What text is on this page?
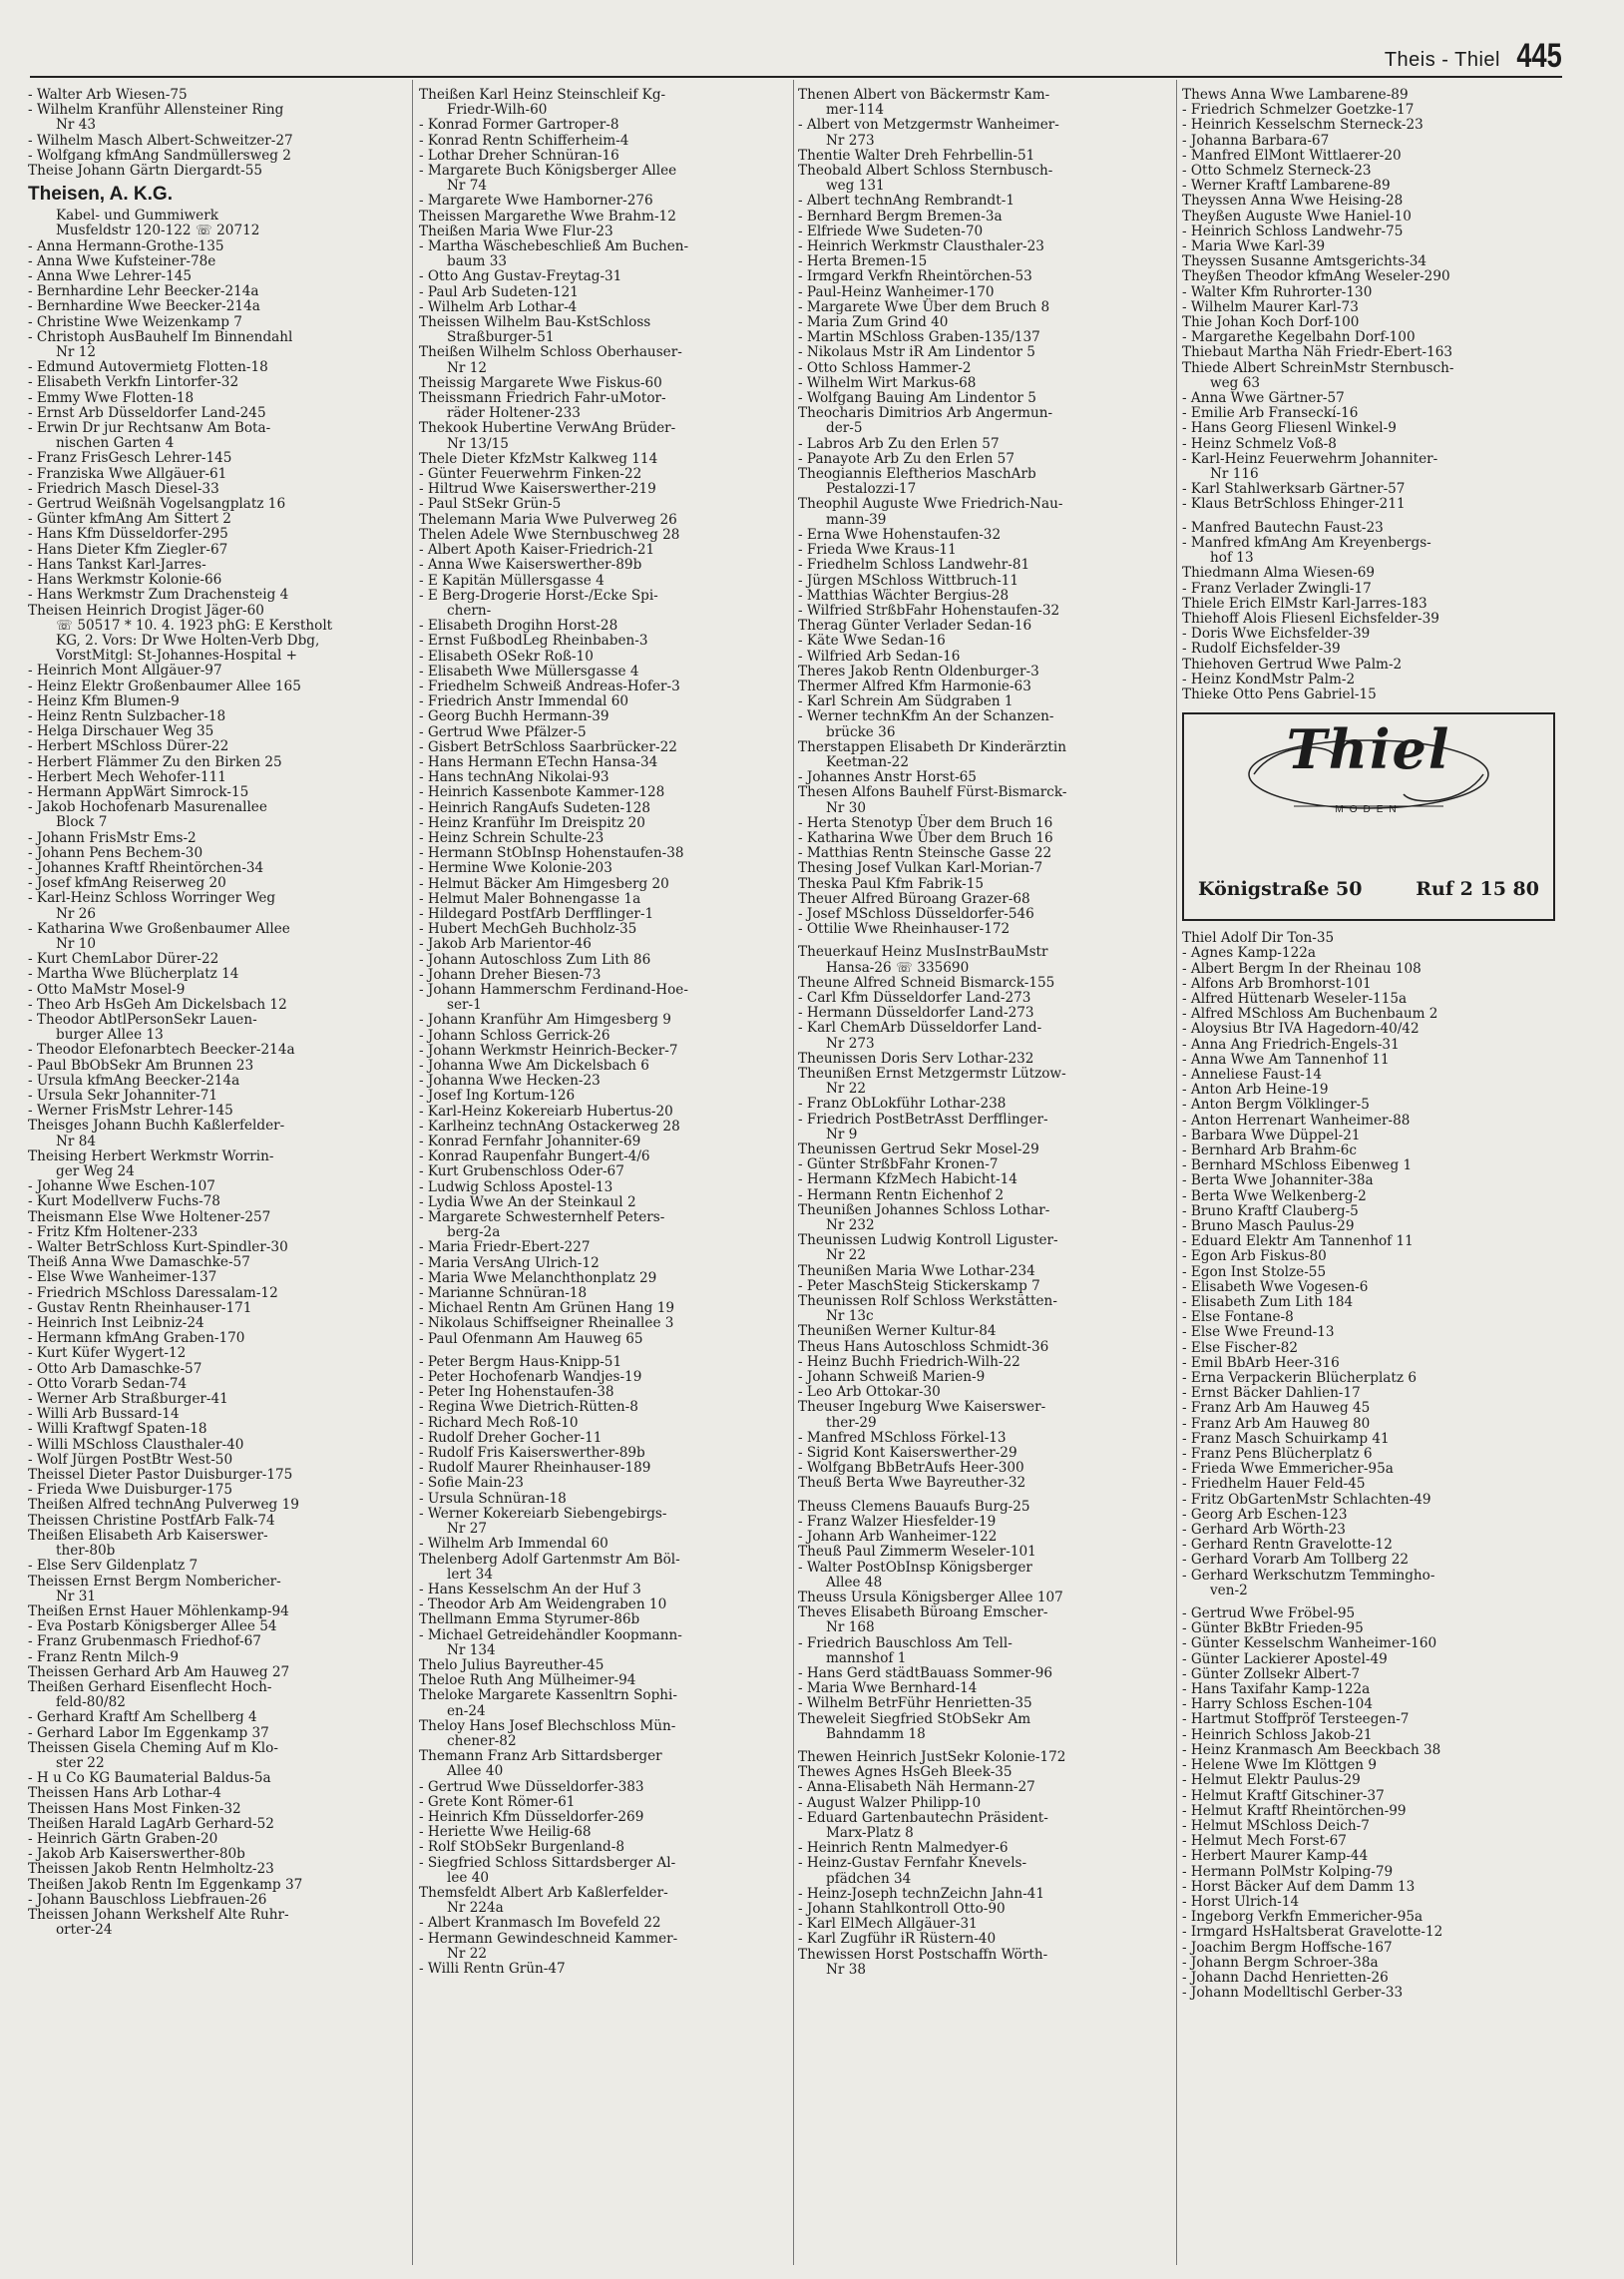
Theis - Thiel 445
- Walter Arb Wiesen-75
- Wilhelm Kranführ Allensteiner Ring
Nr 43
- Wilhelm Masch Albert-Schweitzer-27
- Wolfgang kfmAng Sandmüllersweg 2
Theise Johann Gärtn Diergardt-55
Theisen, A. K.G.
Kabel- und Gummiwerk
Musfeldstr 120-122 ☏ 20712
- Anna Hermann-Grothe-135
- Anna Wwe Kufsteiner-78e
- Anna Wwe Lehrer-145
- Bernhardine Lehr Beecker-214a
- Bernhardine Wwe Beecker-214a
- Christine Wwe Weizenkamp 7
- Christoph AusBauhelf Im Binnendahl
Nr 12
- Edmund Autovermietg Flotten-18
- Elisabeth Verkfn Lintorfer-32
- Emmy Wwe Flotten-18
- Ernst Arb Düsseldorfer Land-245
- Erwin Dr jur Rechtsanw Am Bota-
nischen Garten 4
- Franz FrisGesch Lehrer-145
- Franziska Wwe Allgäuer-61
- Friedrich Masch Diesel-33
- Gertrud Weißnäh Vogelsangplatz 16
- Günter kfmAng Am Sittert 2
- Hans Kfm Düsseldorfer-295
- Hans Dieter Kfm Ziegler-67
- Hans Tankst Karl-Jarres-
- Hans Werkmstr Kolonie-66
- Hans Werkmstr Zum Drachensteig 4
Theisen Heinrich Drogist Jäger-60
☏ 50517 * 10. 4. 1923 phG: E Kerstholt
KG, 2. Vors: Dr Wwe Holten-Verb Dbg,
VorstMitgl: St-Johannes-Hospital +
- Heinrich Mont Allgäuer-97
- Heinz Elektr Großenbaumer Allee 165
- Heinz Kfm Blumen-9
- Heinz Rentn Sulzbacher-18
- Helga Dirschauer Weg 35
- Herbert MSchloss Dürer-22
- Herbert Flämmer Zu den Birken 25
- Herbert Mech Wehofer-111
- Hermann AppWärt Simrock-15
- Jakob Hochofenarb Masurenallee
Block 7
- Johann FrisMstr Ems-2
- Johann Pens Bechem-30
- Johannes Kraftf Rheintörchen-34
- Josef kfmAng Reiserweg 20
- Karl-Heinz Schloss Worringer Weg
Nr 26
- Katharina Wwe Großenbaumer Allee
Nr 10
- Kurt ChemLabor Dürer-22
- Martha Wwe Blücherplatz 14
- Otto MaMstr Mosel-9
- Theo Arb HsGeh Am Dickelsbach 12
- Theodor AbtlPersonSekr Lauen-
burger Allee 13
- Theodor Elefonarbtech Beecker-214a
- Paul BbObSekr Am Brunnen 23
- Ursula kfmAng Beecker-214a
- Ursula Sekr Johanniter-71
- Werner FrisMstr Lehrer-145
Theisges Johann Buchh Kaßlerfelder-
Nr 84
Theising Herbert Werkmstr Worrin-
ger Weg 24
- Johanne Wwe Eschen-107
- Kurt Modellverw Fuchs-78
Theismann Else Wwe Holtener-257
- Fritz Kfm Holtener-233
- Walter BetrSchloss Kurt-Spindler-30
Theiß Anna Wwe Damaschke-57
- Else Wwe Wanheimer-137
- Friedrich MSchloss Daressalam-12
- Gustav Rentn Rheinhauser-171
- Heinrich Inst Leibniz-24
- Hermann kfmAng Graben-170
- Kurt Küfer Wygert-12
- Otto Arb Damaschke-57
- Otto Vorarb Sedan-74
- Werner Arb Straßburger-41
- Willi Arb Bussard-14
- Willi Kraftwgf Spaten-18
- Willi MSchloss Clausthaler-40
- Wolf Jürgen PostBtr West-50
Theissel Dieter Pastor Duisburger-175
- Frieda Wwe Duisburger-175
Theißen Alfred technAng Pulverweg 19
Theissen Christine PostfArb Falk-74
Theißen Elisabeth Arb Kaiserswer-
ther-80b
- Else Serv Gildenplatz 7
Theissen Ernst Bergm Nombericher-
Nr 31
Theißen Ernst Hauer Möhlenkamp-94
- Eva Postarb Königsberger Allee 54
- Franz Grubenmasch Friedhof-67
- Franz Rentn Milch-9
Theissen Gerhard Arb Am Hauweg 27
Theißen Gerhard Eisenflecht Hoch-
feld-80/82
- Gerhard Kraftf Am Schellberg 4
- Gerhard Labor Im Eggenkamp 37
Theissen Gisela Cheming Auf m Klo-
ster 22
- H u Co KG Baumaterial Baldus-5a
Theissen Hans Arb Lothar-4
Theissen Hans Most Finken-32
Theißen Harald LagArb Gerhard-52
- Heinrich Gärtn Graben-20
- Jakob Arb Kaiserswerther-80b
Theissen Jakob Rentn Helmholtz-23
Theißen Jakob Rentn Im Eggenkamp 37
- Johann Bauschloss Liebfrauen-26
Theissen Johann Werkshelf Alte Ruhr-
orter-24
Theißen Karl Heinz Steinschleif Kg-
Friedr-Wilh-60
- Konrad Former Gartroper-8
- Konrad Rentn Schifferheim-4
- Lothar Dreher Schnüran-16
- Margarete Buch Königsberger Allee
Nr 74
- Margarete Wwe Hamborner-276
Theissen Margarethe Wwe Brahm-12
Theißen Maria Wwe Flur-23
- Martha Wäschebeschließ Am Buchen-
baum 33
- Otto Ang Gustav-Freytag-31
- Paul Arb Sudeten-121
- Wilhelm Arb Lothar-4
Theissen Wilhelm Bau-KstSchloss
Straßburger-51
Theißen Wilhelm Schloss Oberhauser-
Nr 12
Theissig Margarete Wwe Fiskus-60
Theissmann Friedrich Fahr-uMotor-
räder Holtener-233
Thekook Hubertine VerwAng Brüder-
Nr 13/15
Thele Dieter KfzMstr Kalkweg 114
- Günter Feuerwehrm Finken-22
- Hiltrud Wwe Kaiserswerther-219
- Paul StSekr Grün-5
Thelemann Maria Wwe Pulverweg 26
Thelen Adele Wwe Sternbuschweg 28
- Albert Apoth Kaiser-Friedrich-21
- Anna Wwe Kaiserswerther-89b
- E Kapitän Müllersgasse 4
- E Berg-Drogerie Horst-/Ecke Spi-
chern-
- Elisabeth Drogihn Horst-28
- Ernst FußbodLeg Rheinbaben-3
- Elisabeth OSekr Roß-10
- Elisabeth Wwe Müllersgasse 4
- Friedhelm Schweiß Andreas-Hofer-3
- Friedrich Anstr Immendal 60
- Georg Buchh Hermann-39
- Gertrud Wwe Pfälzer-5
- Gisbert BetrSchloss Saarbrücker-22
- Hans Hermann ETechn Hansa-34
- Hans technAng Nikolai-93
- Heinrich Kassenbote Kammer-128
- Heinrich RangAufs Sudeten-128
- Heinz Kranführ Im Dreispitz 20
- Heinz Schrein Schulte-23
- Hermann StObInsp Hohenstaufen-38
- Hermine Wwe Kolonie-203
- Helmut Bäcker Am Himgesberg 20
- Helmut Maler Bohnengasse 1a
- Hildegard PostfArb Derfflinger-1
- Hubert MechGeh Buchholz-35
- Jakob Arb Marientor-46
- Johann Autoschloss Zum Lith 86
- Johann Dreher Biesen-73
- Johann Hammerschm Ferdinand-Hoe-
ser-1
- Johann Kranführ Am Himgesberg 9
- Johann Schloss Gerrick-26
- Johann Werkmstr Heinrich-Becker-7
- Johanna Wwe Am Dickelsbach 6
- Johanna Wwe Hecken-23
- Josef Ing Kortum-126
- Karl-Heinz Kokereiarb Hubertus-20
- Karlheinz technAng Ostackerweg 28
- Konrad Fernfahr Johanniter-69
- Konrad Raupenfahr Bungert-4/6
- Kurt Grubenschloss Oder-67
- Ludwig Schloss Apostel-13
- Lydia Wwe An der Steinkaul 2
- Margarete Schwesternhelf Peters-
berg-2a
- Maria Friedr-Ebert-227
- Maria VersAng Ulrich-12
- Maria Wwe Melanchthonplatz 29
- Marianne Schnüran-18
- Michael Rentn Am Grünen Hang 19
- Nikolaus Schiffseigner Rheinallee 3
- Paul Ofenmann Am Hauweg 65
- Peter Bergm Haus-Knipp-51
- Peter Hochofenarb Wandjes-19
- Peter Ing Hohenstaufen-38
- Regina Wwe Dietrich-Rütten-8
- Richard Mech Roß-10
- Rudolf Dreher Gocher-11
- Rudolf Fris Kaiserswerther-89b
- Rudolf Maurer Rheinhauser-189
- Sofie Main-23
- Ursula Schnüran-18
- Werner Kokereiarb Siebengebirgs-
Nr 27
- Wilhelm Arb Immendal 60
Thelenberg Adolf Gartenmstr Am Böl-
lert 34
- Hans Kesselschm An der Huf 3
- Theodor Arb Am Weidengraben 10
Thellmann Emma Styrumer-86b
- Michael Getreidehändler Koopmann-
Nr 134
Thelo Julius Bayreuther-45
Theloe Ruth Ang Mülheimer-94
Theloke Margarete Kassenltrn Sophi-
en-24
Theloy Hans Josef Blechschloss Mün-
chener-82
Themann Franz Arb Sittardsberger
Allee 40
- Gertrud Wwe Düsseldorfer-383
- Grete Kont Römer-61
- Heinrich Kfm Düsseldorfer-269
- Heriette Wwe Heilig-68
- Rolf StObSekr Burgenland-8
- Siegfried Schloss Sittardsberger Al-
lee 40
Themsfeldt Albert Arb Kaßlerfelder-
Nr 224a
- Albert Kranmasch Im Bovefeld 22
- Hermann Gewindeschneid Kammer-
Nr 22
- Willi Rentn Grün-47
Thenen Albert von Bäckermstr Kam-
mer-114
- Albert von Metzgermstr Wanheimer-
Nr 273
Thentie Walter Dreh Fehrbellin-51
Theobald Albert Schloss Sternbusch-
weg 131
- Albert technAng Rembrandt-1
- Bernhard Bergm Bremen-3a
- Elfriede Wwe Sudeten-70
- Heinrich Werkmstr Clausthaler-23
- Herta Bremen-15
- Irmgard Verkfn Rheintörchen-53
- Paul-Heinz Wanheimer-170
- Margarete Wwe Über dem Bruch 8
- Maria Zum Grind 40
- Martin MSchloss Graben-135/137
- Nikolaus Mstr iR Am Lindentor 5
- Otto Schloss Hammer-2
- Wilhelm Wirt Markus-68
- Wolfgang Bauing Am Lindentor 5
Theocharis Dimitrios Arb Angermun-
der-5
- Labros Arb Zu den Erlen 57
- Panayote Arb Zu den Erlen 57
Theogiannis Eleftherios MaschArb
Pestalozzi-17
Theophil Auguste Wwe Friedrich-Nau-
mann-39
- Erna Wwe Hohenstaufen-32
- Frieda Wwe Kraus-11
- Friedhelm Schloss Landwehr-81
- Jürgen MSchloss Wittbruch-11
- Matthias Wächter Bergius-28
- Wilfried StrßbFahr Hohenstaufen-32
Therag Günter Verlader Sedan-16
- Käte Wwe Sedan-16
- Wilfried Arb Sedan-16
Theres Jakob Rentn Oldenburger-3
Thermer Alfred Kfm Harmonie-63
- Karl Schrein Am Südgraben 1
- Werner technKfm An der Schanzen-
brücke 36
Therstappen Elisabeth Dr Kinderärztin
Keetman-22
- Johannes Anstr Horst-65
Thesen Alfons Bauhelf Fürst-Bismarck-
Nr 30
- Herta Stenotyp Über dem Bruch 16
- Katharina Wwe Über dem Bruch 16
- Matthias Rentn Steinsche Gasse 22
Thesing Josef Vulkan Karl-Morian-7
Theska Paul Kfm Fabrik-15
Theuer Alfred Büroang Grazer-68
- Josef MSchloss Düsseldorfer-546
- Ottilie Wwe Rheinhauser-172
Theuerkauf Heinz MusInstrBauMstr
Hansa-26 ☏ 335690
Theune Alfred Schneid Bismarck-155
- Carl Kfm Düsseldorfer Land-273
- Hermann Düsseldorfer Land-273
- Karl ChemArb Düsseldorfer Land-
Nr 273
Theunissen Doris Serv Lothar-232
Theunißen Ernst Metzgermstr Lützow-
Nr 22
- Franz ObLokführ Lothar-238
- Friedrich PostBetrAsst Derfflinger-
Nr 9
Theunissen Gertrud Sekr Mosel-29
- Günter StrßbFahr Kronen-7
- Hermann KfzMech Habicht-14
- Hermann Rentn Eichenhof 2
Theunißen Johannes Schloss Lothar-
Nr 232
Theunissen Ludwig Kontroll Liguster-
Nr 22
Theunißen Maria Wwe Lothar-234
- Peter MaschSteig Stickerskamp 7
Theunissen Rolf Schloss Werkstätten-
Nr 13c
Theunißen Werner Kultur-84
Theus Hans Autoschloss Schmidt-36
- Heinz Buchh Friedrich-Wilh-22
- Johann Schweiß Marien-9
- Leo Arb Ottokar-30
Theuser Ingeburg Wwe Kaiserswer-
ther-29
- Manfred MSchloss Förkel-13
- Sigrid Kont Kaiserswerther-29
- Wolfgang BbBetrAufs Heer-300
Theuß Berta Wwe Bayreuther-32
Theuss Clemens Bauaufs Burg-25
- Franz Walzer Hiesfelder-19
- Johann Arb Wanheimer-122
Theuß Paul Zimmerm Weseler-101
- Walter PostObInsp Königsberger
Allee 48
Theuss Ursula Königsberger Allee 107
Theves Elisabeth Büroang Emscher-
Nr 168
- Friedrich Bauschloss Am Tell-
mannshof 1
- Hans Gerd städtBauass Sommer-96
- Maria Wwe Bernhard-14
- Wilhelm BetrFühr Henrietten-35
Theweleit Siegfried StObSekr Am
Bahndamm 18
Thewen Heinrich JustSekr Kolonie-172
Thewes Agnes HsGeh Bleek-35
- Anna-Elisabeth Näh Hermann-27
- August Walzer Philipp-10
- Eduard Gartenbautechn Präsident-
Marx-Platz 8
- Heinrich Rentn Malmedyer-6
- Heinz-Gustav Fernfahr Knevels-
pfädchen 34
- Heinz-Joseph technZeichn Jahn-41
- Johann Stahlkontroll Otto-90
- Karl ElMech Allgäuer-31
- Karl Zugführ iR Rüstern-40
Thewissen Horst Postschaffn Wörth-
Nr 38
Thews Anna Wwe Lambarene-89
- Friedrich Schmelzer Goetzke-17
- Heinrich Kesselschm Sterneck-23
- Johanna Barbara-67
- Manfred ElMont Wittlaerer-20
- Otto Schmelz Sterneck-23
- Werner Kraftf Lambarene-89
Theyssen Anna Wwe Heising-28
Theyßen Auguste Wwe Haniel-10
- Heinrich Schloss Landwehr-75
- Maria Wwe Karl-39
Theyssen Susanne Amtsgerichts-34
Theyßen Theodor kfmAng Weseler-290
- Walter Kfm Ruhrorter-130
- Wilhelm Maurer Karl-73
Thie Johan Koch Dorf-100
- Margarethe Kegelbahn Dorf-100
Thiebaut Martha Näh Friedr-Ebert-163
Thiede Albert SchreinMstr Sternbusch-
weg 63
- Anna Wwe Gärtner-57
- Emilie Arb Franseckí-16
- Hans Georg Fliesenl Winkel-9
- Heinz Schmelz Voß-8
- Karl-Heinz Feuerwehrm Johanniter-
Nr 116
- Karl Stahlwerksarb Gärtner-57
- Klaus BetrSchloss Ehinger-211
- Manfred Bautechn Faust-23
- Manfred kfmAng Am Kreyenbergs-
hof 13
Thiedmann Alma Wiesen-69
- Franz Verlader Zwingli-17
Thiele Erich ElMstr Karl-Jarres-183
Thiehoff Alois Fliesenl Eichsfelder-39
- Doris Wwe Eichsfelder-39
- Rudolf Eichsfelder-39
Thiehoven Gertrud Wwe Palm-2
- Heinz KondMstr Palm-2
Thieke Otto Pens Gabriel-15
Thiel
MODEN
Königstraße 50	Ruf 2 15 80
Thiel Adolf Dir Ton-35
- Agnes Kamp-122a
- Albert Bergm In der Rheinau 108
- Alfons Arb Bromhorst-101
- Alfred Hüttenarb Weseler-115a
- Alfred MSchloss Am Buchenbaum 2
- Aloysius Btr IVA Hagedorn-40/42
- Anna Ang Friedrich-Engels-31
- Anna Wwe Am Tannenhof 11
- Anneliese Faust-14
- Anton Arb Heine-19
- Anton Bergm Völklinger-5
- Anton Herrenart Wanheimer-88
- Barbara Wwe Düppel-21
- Bernhard Arb Brahm-6c
- Bernhard MSchloss Eibenweg 1
- Berta Wwe Johanniter-38a
- Berta Wwe Welkenberg-2
- Bruno Kraftf Clauberg-5
- Bruno Masch Paulus-29
- Eduard Elektr Am Tannenhof 11
- Egon Arb Fiskus-80
- Egon Inst Stolze-55
- Elisabeth Wwe Vogesen-6
- Elisabeth Zum Lith 184
- Else Fontane-8
- Else Wwe Freund-13
- Else Fischer-82
- Emil BbArb Heer-316
- Erna Verpackerin Blücherplatz 6
- Ernst Bäcker Dahlien-17
- Franz Arb Am Hauweg 45
- Franz Arb Am Hauweg 80
- Franz Masch Schuirkamp 41
- Franz Pens Blücherplatz 6
- Frieda Wwe Emmericher-95a
- Friedhelm Hauer Feld-45
- Fritz ObGartenMstr Schlachten-49
- Georg Arb Eschen-123
- Gerhard Arb Wörth-23
- Gerhard Rentn Gravelotte-12
- Gerhard Vorarb Am Tollberg 22
- Gerhard Werkschutzm Temmingho-
ven-2
- Gertrud Wwe Fröbel-95
- Günter BkBtr Frieden-95
- Günter Kesselschm Wanheimer-160
- Günter Lackierer Apostel-49
- Günter Zollsekr Albert-7
- Hans Taxifahr Kamp-122a
- Harry Schloss Eschen-104
- Hartmut Stoffpröf Tersteegen-7
- Heinrich Schloss Jakob-21
- Heinz Kranmasch Am Beeckbach 38
- Helene Wwe Im Klöttgen 9
- Helmut Elektr Paulus-29
- Helmut Kraftf Gitschiner-37
- Helmut Kraftf Rheintörchen-99
- Helmut MSchloss Deich-7
- Helmut Mech Forst-67
- Herbert Maurer Kamp-44
- Hermann PolMstr Kolping-79
- Horst Bäcker Auf dem Damm 13
- Horst Ulrich-14
- Ingeborg Verkfn Emmericher-95a
- Irmgard HsHaltsberat Gravelotte-12
- Joachim Bergm Hoffsche-167
- Johann Bergm Schroer-38a
- Johann Dachd Henrietten-26
- Johann Modelltischl Gerber-33
